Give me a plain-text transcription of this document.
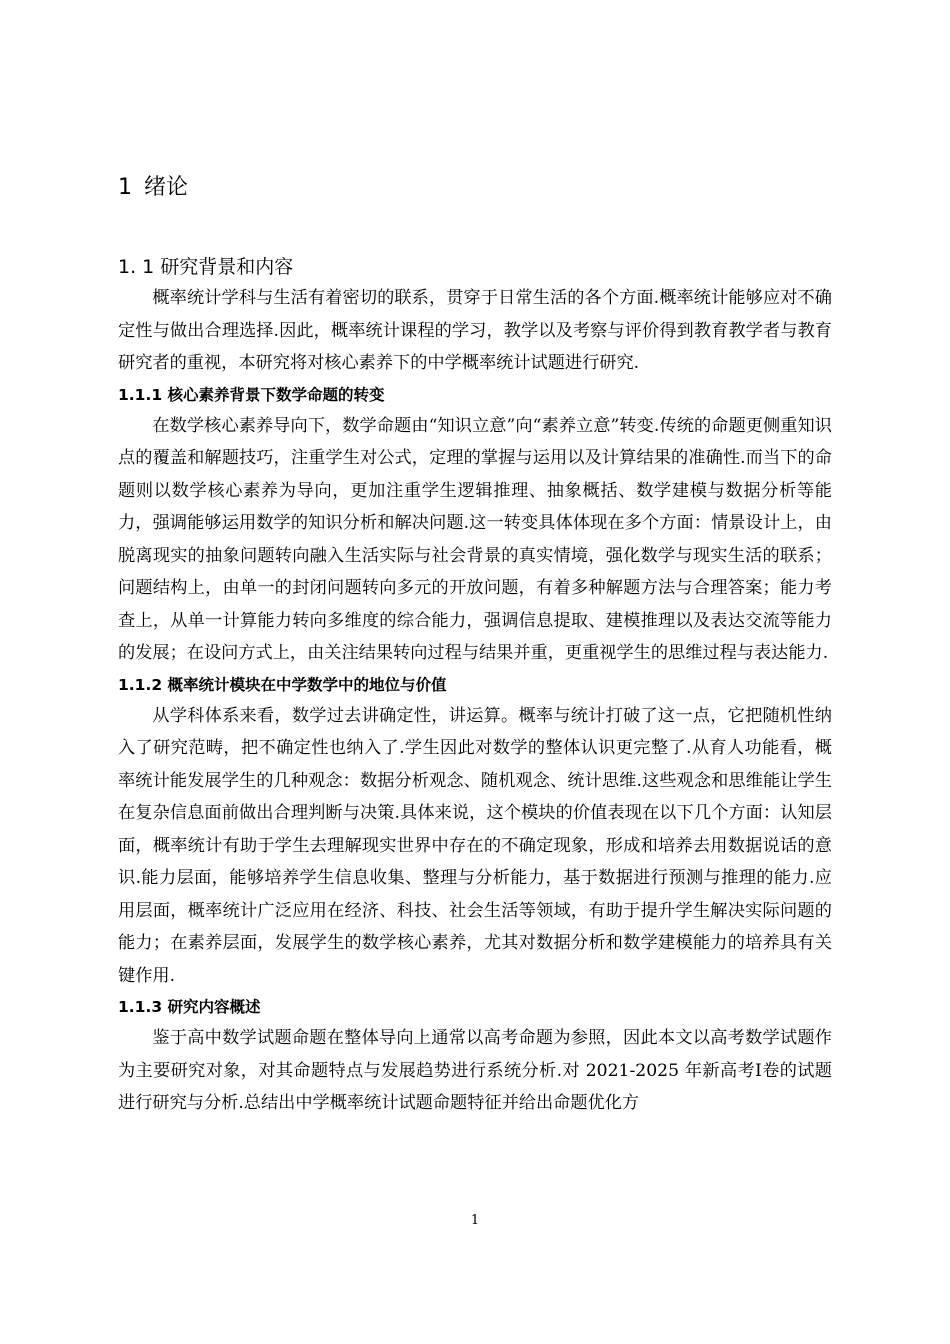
1 绪论
1. 1 研究背景和内容

概率统计学科与生活有着密切的联系，贯穿于日常生活的各个方面.概率统计能够应对不确定性与做出合理选择.因此，概率统计课程的学习，教学以及考察与评价得到教育教学者与教育研究者的重视，本研究将对核心素养下的中学概率统计试题进行研究.

1.1.1 核心素养背景下数学命题的转变

在数学核心素养导向下，数学命题由“知识立意”向“素养立意”转变.传统的命题更侧重知识点的覆盖和解题技巧，注重学生对公式，定理的掌握与运用以及计算结果的准确性.而当下的命题则以数学核心素养为导向，更加注重学生逻辑推理、抽象概括、数学建模与数据分析等能力，强调能够运用数学的知识分析和解决问题.这一转变具体体现在多个方面：情景设计上，由脱离现实的抽象问题转向融入生活实际与社会背景的真实情境，强化数学与现实生活的联系；问题结构上，由单一的封闭问题转向多元的开放问题，有着多种解题方法与合理答案；能力考查上，从单一计算能力转向多维度的综合能力，强调信息提取、建模推理以及表达交流等能力的发展；在设问方式上，由关注结果转向过程与结果并重，更重视学生的思维过程与表达能力.

1.1.2 概率统计模块在中学数学中的地位与价值

从学科体系来看，数学过去讲确定性，讲运算。概率与统计打破了这一点，它把随机性纳入了研究范畴，把不确定性也纳入了.学生因此对数学的整体认识更完整了.从育人功能看，概率统计能发展学生的几种观念：数据分析观念、随机观念、统计思维.这些观念和思维能让学生在复杂信息面前做出合理判断与决策.具体来说，这个模块的价值表现在以下几个方面：认知层面，概率统计有助于学生去理解现实世界中存在的不确定现象，形成和培养去用数据说话的意识.能力层面，能够培养学生信息收集、整理与分析能力，基于数据进行预测与推理的能力.应用层面，概率统计广泛应用在经济、科技、社会生活等领域，有助于提升学生解决实际问题的能力；在素养层面，发展学生的数学核心素养，尤其对数据分析和数学建模能力的培养具有关键作用.

1.1.3 研究内容概述

鉴于高中数学试题命题在整体导向上通常以高考命题为参照，因此本文以高考数学试题作为主要研究对象，对其命题特点与发展趋势进行系统分析.对 2021-2025 年新高考Ⅰ卷的试题进行研究与分析.总结出中学概率统计试题命题特征并给出命题优化方

1
